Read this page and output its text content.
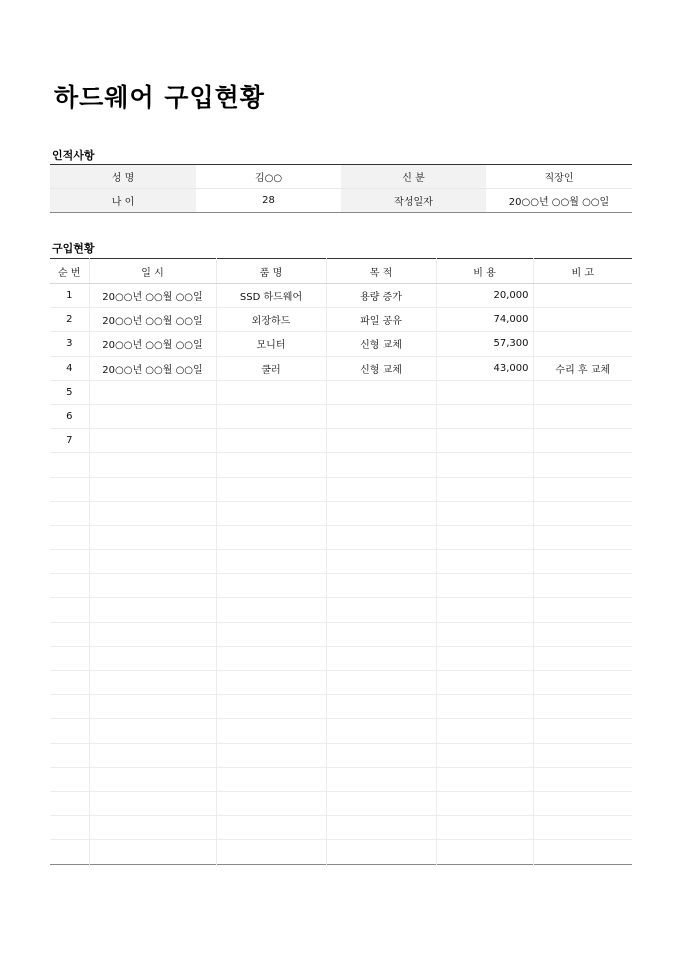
하드웨어 구입현황
인적사항
성 명	김○○	신 분	직장인
나 이	28	작성일자	20○○년 ○○월 ○○일
구입현황
순 번	일 시	품 명	목 적	비 용	비 고
1	20○○년 ○○월 ○○일	SSD 하드웨어	용량 증가	20,000	
2	20○○년 ○○월 ○○일	외장하드	파일 공유	74,000	
3	20○○년 ○○월 ○○일	모니터	신형 교체	57,300	
4	20○○년 ○○월 ○○일	쿨러	신형 교체	43,000	수리 후 교체
5					
6					
7					
